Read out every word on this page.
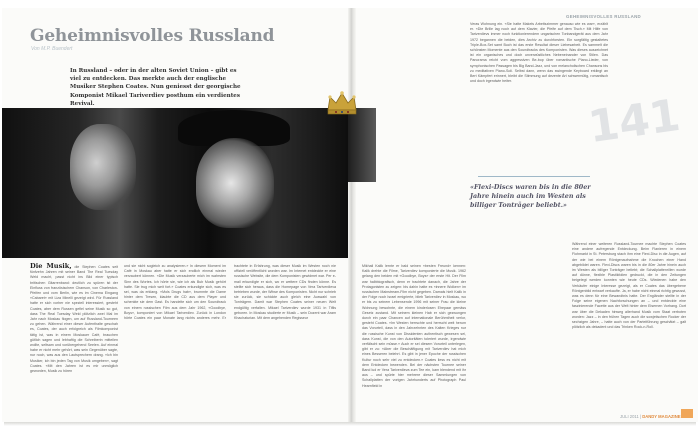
Geheimnisvolles Russland
Von M.P. Buendert
In Russland – oder in der alten Soviet Union – gibt es viel zu entdecken. Das merkte auch der englische Musiker Stephen Coates. Nun geniesst der georgische Komponist Mikael Tariverdiev posthum ein verdientes Revival.	141
GEHEIMNISVOLLES RUSSLAND
Die Musik, die Stephen Coates seit fünfzehn Jahren mit seiner Band The Real Tuesday Weld macht, passt nicht ins Bild einer typisch britischen Gitarrenband: deutlich zu spüren ist der Einfluss von französischem Chanson, von Charleston-Pfeifen und vom Berlin, wie es im Cinema Eingang «Cabaret» mit Liza Minelli gezeigt wird. Für Russland hatte er sich vorher nie speziell interessiert, gesteht Coates, aber dem Russen gefiel seine Musik so gut, dass The Real Tuesday Weld plötzlich zwei Mal im Jahr nach Moskau flogen, um auf Russland-Tourneen zu gehen. Während einer dieser Aufenthalte geschah es, Coates, der auch erfolgreich als Filmkomponist tätig ist, was in einem Moskauer Café, brauchen gütlich sagen und lebhaftig die Schreiberin mitteilen wollte, seltsam und vorübergehend Seelen. Auf einmal habe er nicht mehr gehört, was sein Gegenüber sagte, nur noch, was aus den Lautsprechern drang. «Ich bin Musiker, ich bin jeden Tag von Musik umgeben», sagt Coates. «Mit den Jahren ist es mir unmöglich geworden, Musik zu hören
und sie nicht sogleich zu analysieren.» In diesem Moment im Café in Moskau aber hatte er sich endlich einmal wieder verzaubert können. «Die Musik verzauberte mich im wahrsten Sinn des Wortes. Ich hörte sie, wie ich als Bub Musik gehört hatte. Sie trug mich weit fort.» Coates erkundigte sich, was es sei, was da erklang. «Mols Drugs hab», brummte die Dame hinter dem Tresen, klaubte die CD aus dem Player und schenkte sie dem Gast. Es handelte sich um den Soundtrack von einem russischen Film aus dem Jahr 1962, «Goodbye, Boys», komponiert von Mikael Tariverdiev. Zurück in London hörte Coates ein paar Monate lang nichts anderes mehr. Er trachtete in Erfahrung, was dieser Musik im Westen noch nie offiziell veröffentlicht worden war. Im Internet entdeckte er eine russische Website, die dem Komponisten gewidmet war. Per e-mail erkundigte er sich, wo er weitere CDs finden könne. Es stellte sich heraus, dass die Homepage von Vera Tariverdieva betrieben wurde, der Witwe des Komponisten. Nicht nur schrieb sie zurück, sie schickte auch gleich eine Auswahl von Tonträgern. Damit war Stephen Coates seiner neuen Welt endgültig verfallen. Mikael Tariverdiev wurde 1931 in Tiflis geboren. In Moskau studierte er Musik – sein Dozent war Aram Khachaturian. Mit dem angehenden Regisseur
Mikhail Kalik lernte er bald seinen «besten Freund» kennen: Kalik drehte die Filme, Tariverdiev komponierte die Musik. 1962 gelang den beiden mit «Goodbye, Boys» der erste Hit. Der Film war halbbiografisch, denn er trachtete danach, die Jahre der Protagonisten zu zeigen: bis dahin hatte es «innere Wolken» im russischen Mainstream-Film nicht gegeben. Damals hielt Kalik in der Folge noch Israel emigrierte, blieb Tariverdiev in Moskau, wo er bis zu seinem Lebensende 1996 mit seiner Frau die kleine Wohnung bewohnte, die einem kinderlosen Ehepaar gemäss Gesetz zustand. Mit seinem kleinen Hab er sich gezwungen durch ein paar Chancen auf internationale Berühmtheit verlor, gesteht Coates. «Im Westen herrschte und herrscht weit herum das Vorurteil, dass in den Jahrzehnten des Kalten Krieges nur die russische Kunst von Dissidenten authentisch gewesen sei, dass Kunst, die von den Autoritäten toleriert wurde, irgendwie verfälscht sein müsse.» Auch er sei diesem Vorurteil unterlegen, gibt er zu: «Aber die Beschäftigung mit Tariverdiev hat mich eines Besseren belehrt. Es gibt in jener Epoche der russischen Kultur noch sehr viel zu entdecken.» Coates liess es nicht mit dem Entdecken bewenden. Bei der nächsten Tournee seiner Band lud er Vera Tariverdieva zum Tee ein, kam blendend mit ihr aus – und spürte hier mehrere dieser Sammlungen von Schallplatten der vorigen Jahrhunderts auf Photograph Paul Hearnfield in
Veras Wohnung ein. «Sie hatte Makels Arbeitszimmer genauso wie es war», erzählt er. «Die Brille lag noch auf dem Klavier, die Pfeife auf dem Tisch.» Mit Hilfe von Tariverdievs immer noch funktionierendem ungarischen Tonbandgerät aus dem Jahr 1972 begannen die beiden, dies Archiv zu durchforsten. Ein sorgfältig gestaltetes Triple-Box-Set samt Buch ist das erste Resultat dieser Liebesarbeit. Es sammelt die schönsten Momente aus den Soundtracks des Komponisten. Was dieses auszeichnet ist ein organisches und doch unverwüstliches Nebeneinander von Stilen. Das Panorama reicht vom aggressiven Be-bop über romantische Piano-Lieder, von symphonischen Passagen bis Big Band-Jazz, und von melancholischen Chansons bis zu meditativen Piano-Soli. Selbst dann, wenn das swingende Keyboard erklingt an Bert Kämpfert erinnert, bleibt die Stimmung auf dezente Art schwermütig, romantisch und doch irgendwie heiter.
«Flexi-Discs waren bis in die 80er Jahre hinein auch im Westen als billiger Tonträger beliebt.»
Während einer weiteren Russland-Tournee machte Stephen Coates eine andere aufregende Entdeckung. Beim Flanieren in einem Flohmarkt in St. Petersburg stach ihm eine Flexi-Disc in die Augen, auf der wie bei einem Röntgenaufnahme die Knochen einer Hand abgebildet waren. Flexi-Discs waren bis in die 80er Jahre hinein auch im Westen als billiger Tonträger beliebt; die Schallplattenrillen wurde auf dünne, flexible Plastikfolien gedruckt, die in den Zeitungen beigelegt werden konnten wie heute CDs. Wiedenen habe den Verkäufer einige Interesse gezeigt, als er Coates das übergebene Röntgenbild entwarf verkaufte. Ja, er habe nicht einmal richtig gewusst, was es denn für eine Bewandtnis hatte. Der Engländer stellte in der Folge seine eigenen Nachforschungen an – und entdeckte eine faszinierende Facette aus der Welt hinter dem Eisernen Vorhang. Dort war über die Dekaden hinweg allerhand Musik vom Staat verboten worden: Jazz – in den frühen Tagen auch die sowjetischen Rocker der sechzigen Jahre, – hatte auch von der Parteiführung geschätzt – galt plötzlich als dekadent und das Trinken Rock-n-Roll.
JULI 2011 | DANDY MAGAZINE
